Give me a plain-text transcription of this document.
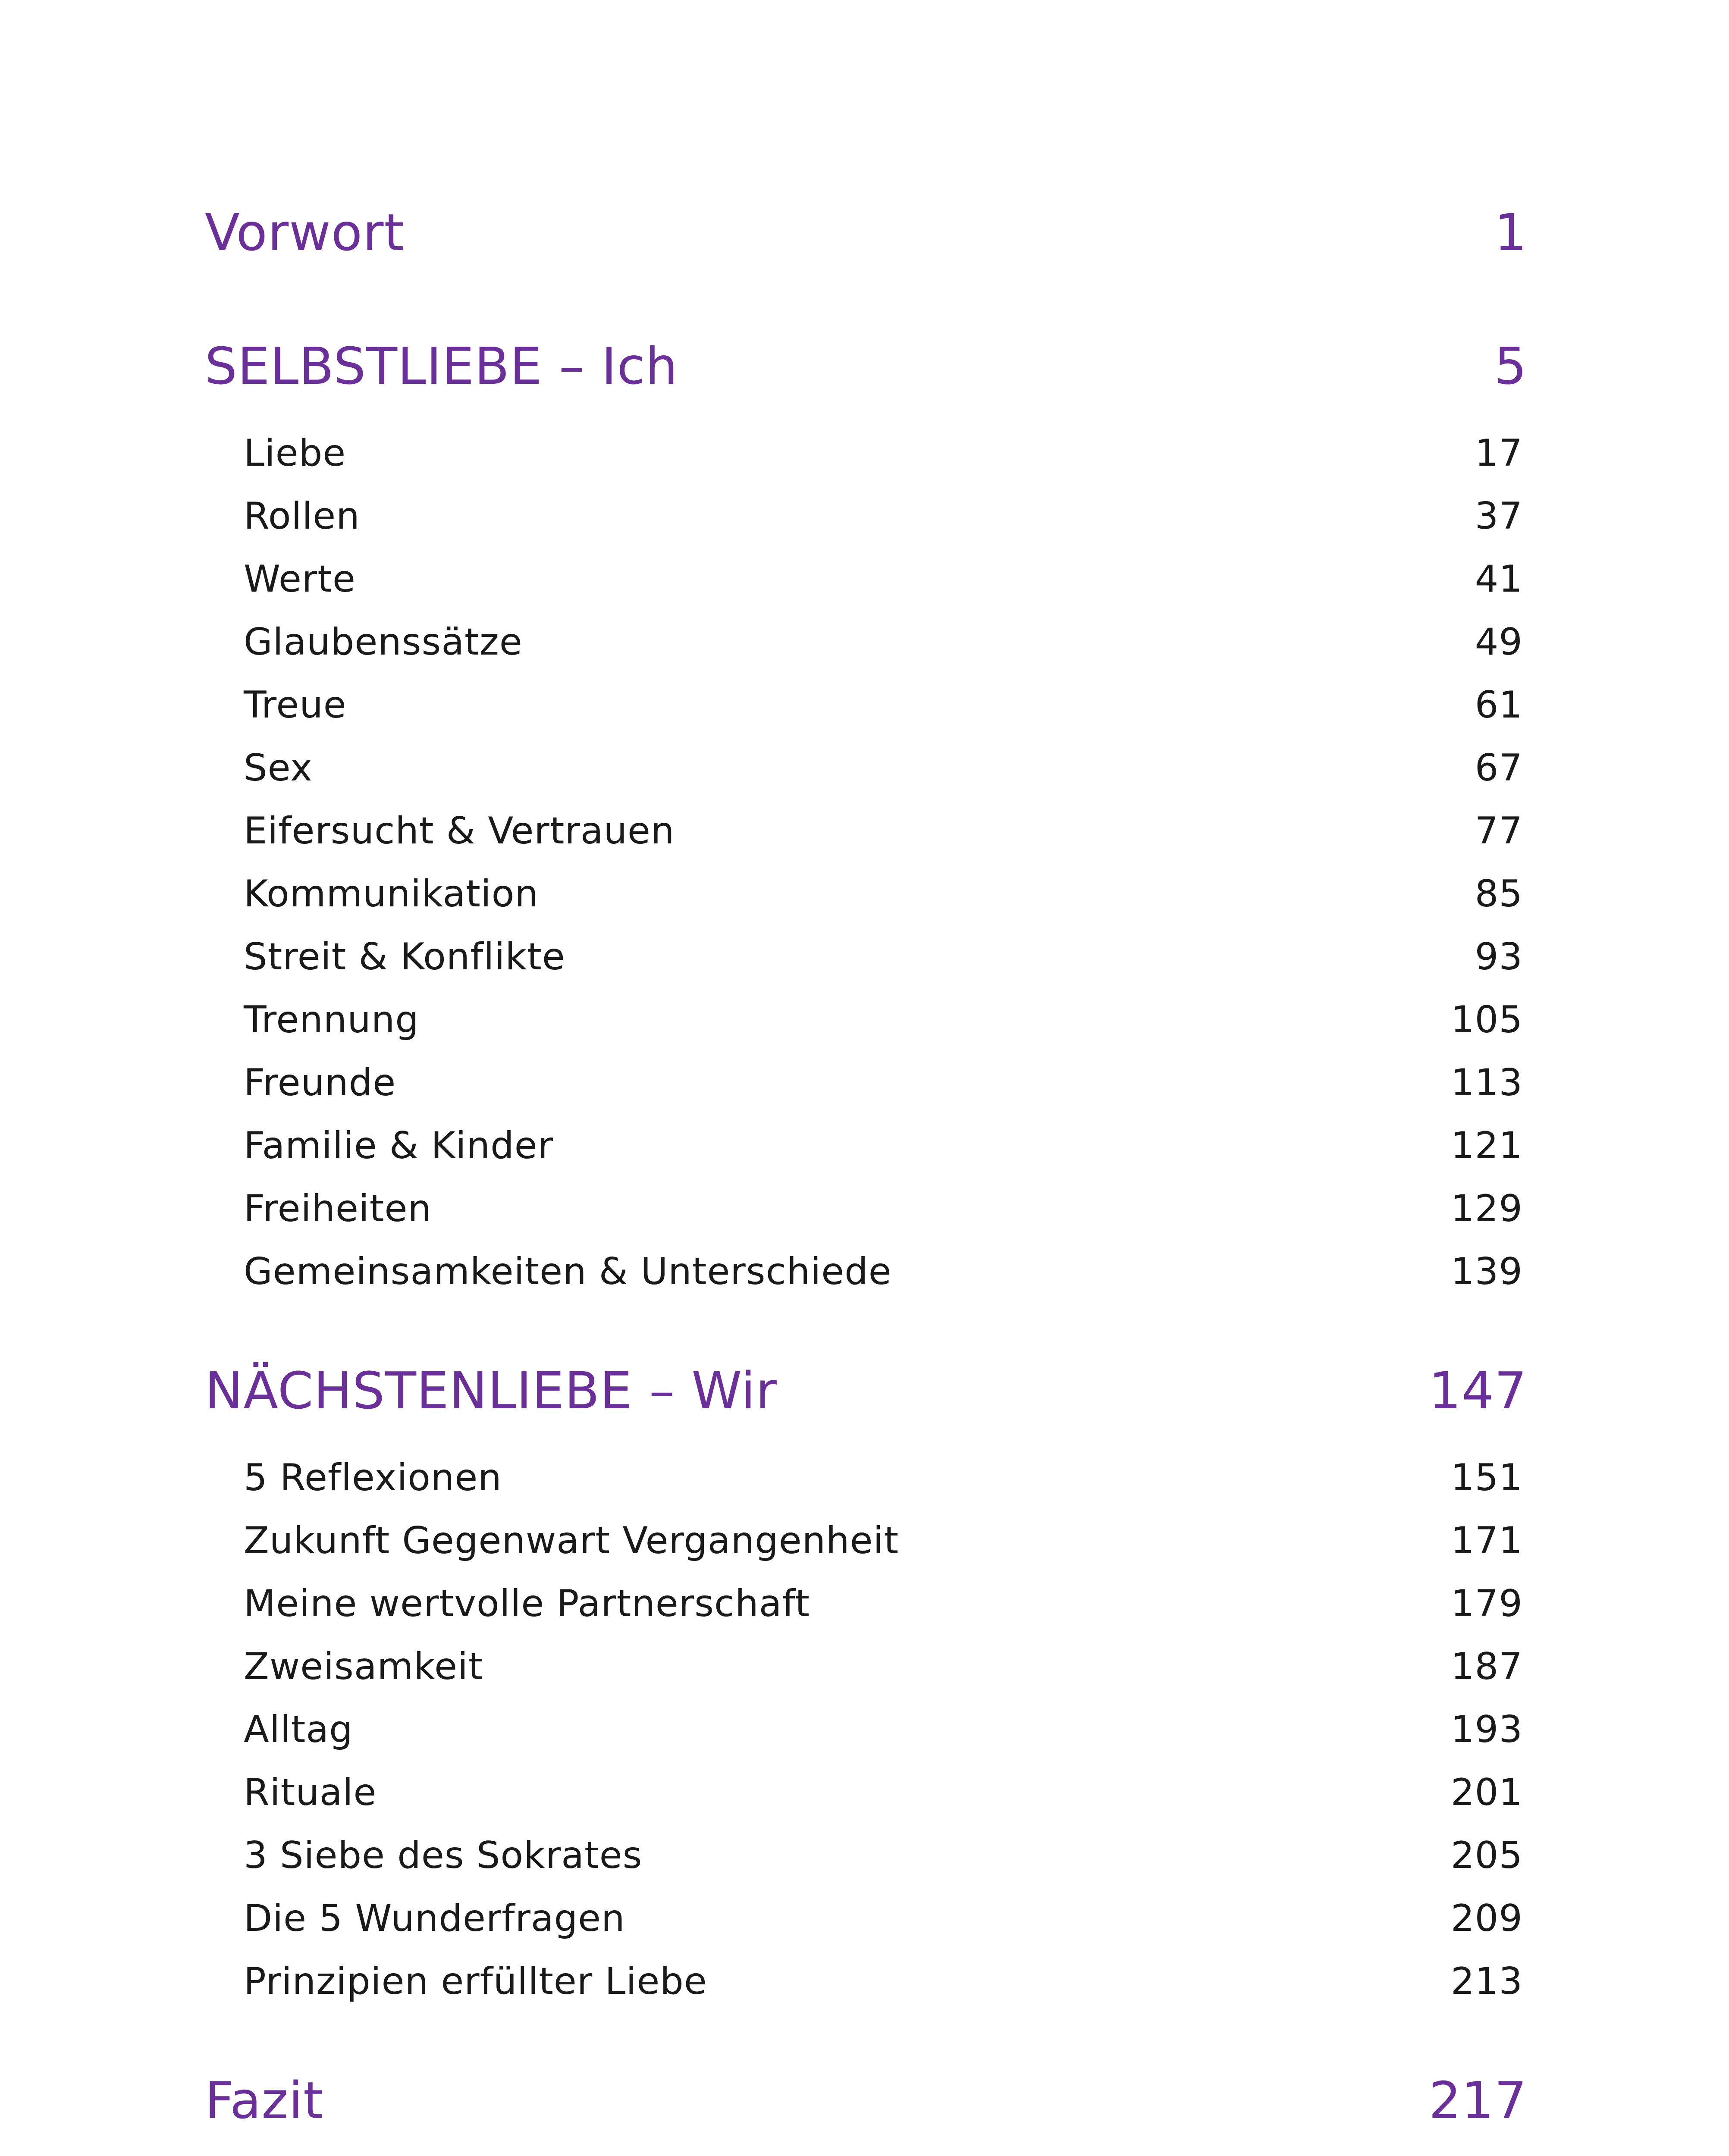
Vorwort	1
SELBSTLIEBE – Ich	5
Liebe	17
Rollen	37
Werte	41
Glaubenssätze	49
Treue	61
Sex	67
Eifersucht & Vertrauen	77
Kommunikation	85
Streit & Konflikte	93
Trennung	105
Freunde	113
Familie & Kinder	121
Freiheiten	129
Gemeinsamkeiten & Unterschiede	139
NÄCHSTENLIEBE – Wir	147
5 Reflexionen	151
Zukunft Gegenwart Vergangenheit	171
Meine wertvolle Partnerschaft	179
Zweisamkeit	187
Alltag	193
Rituale	201
3 Siebe des Sokrates	205
Die 5 Wunderfragen	209
Prinzipien erfüllter Liebe	213
Fazit	217
